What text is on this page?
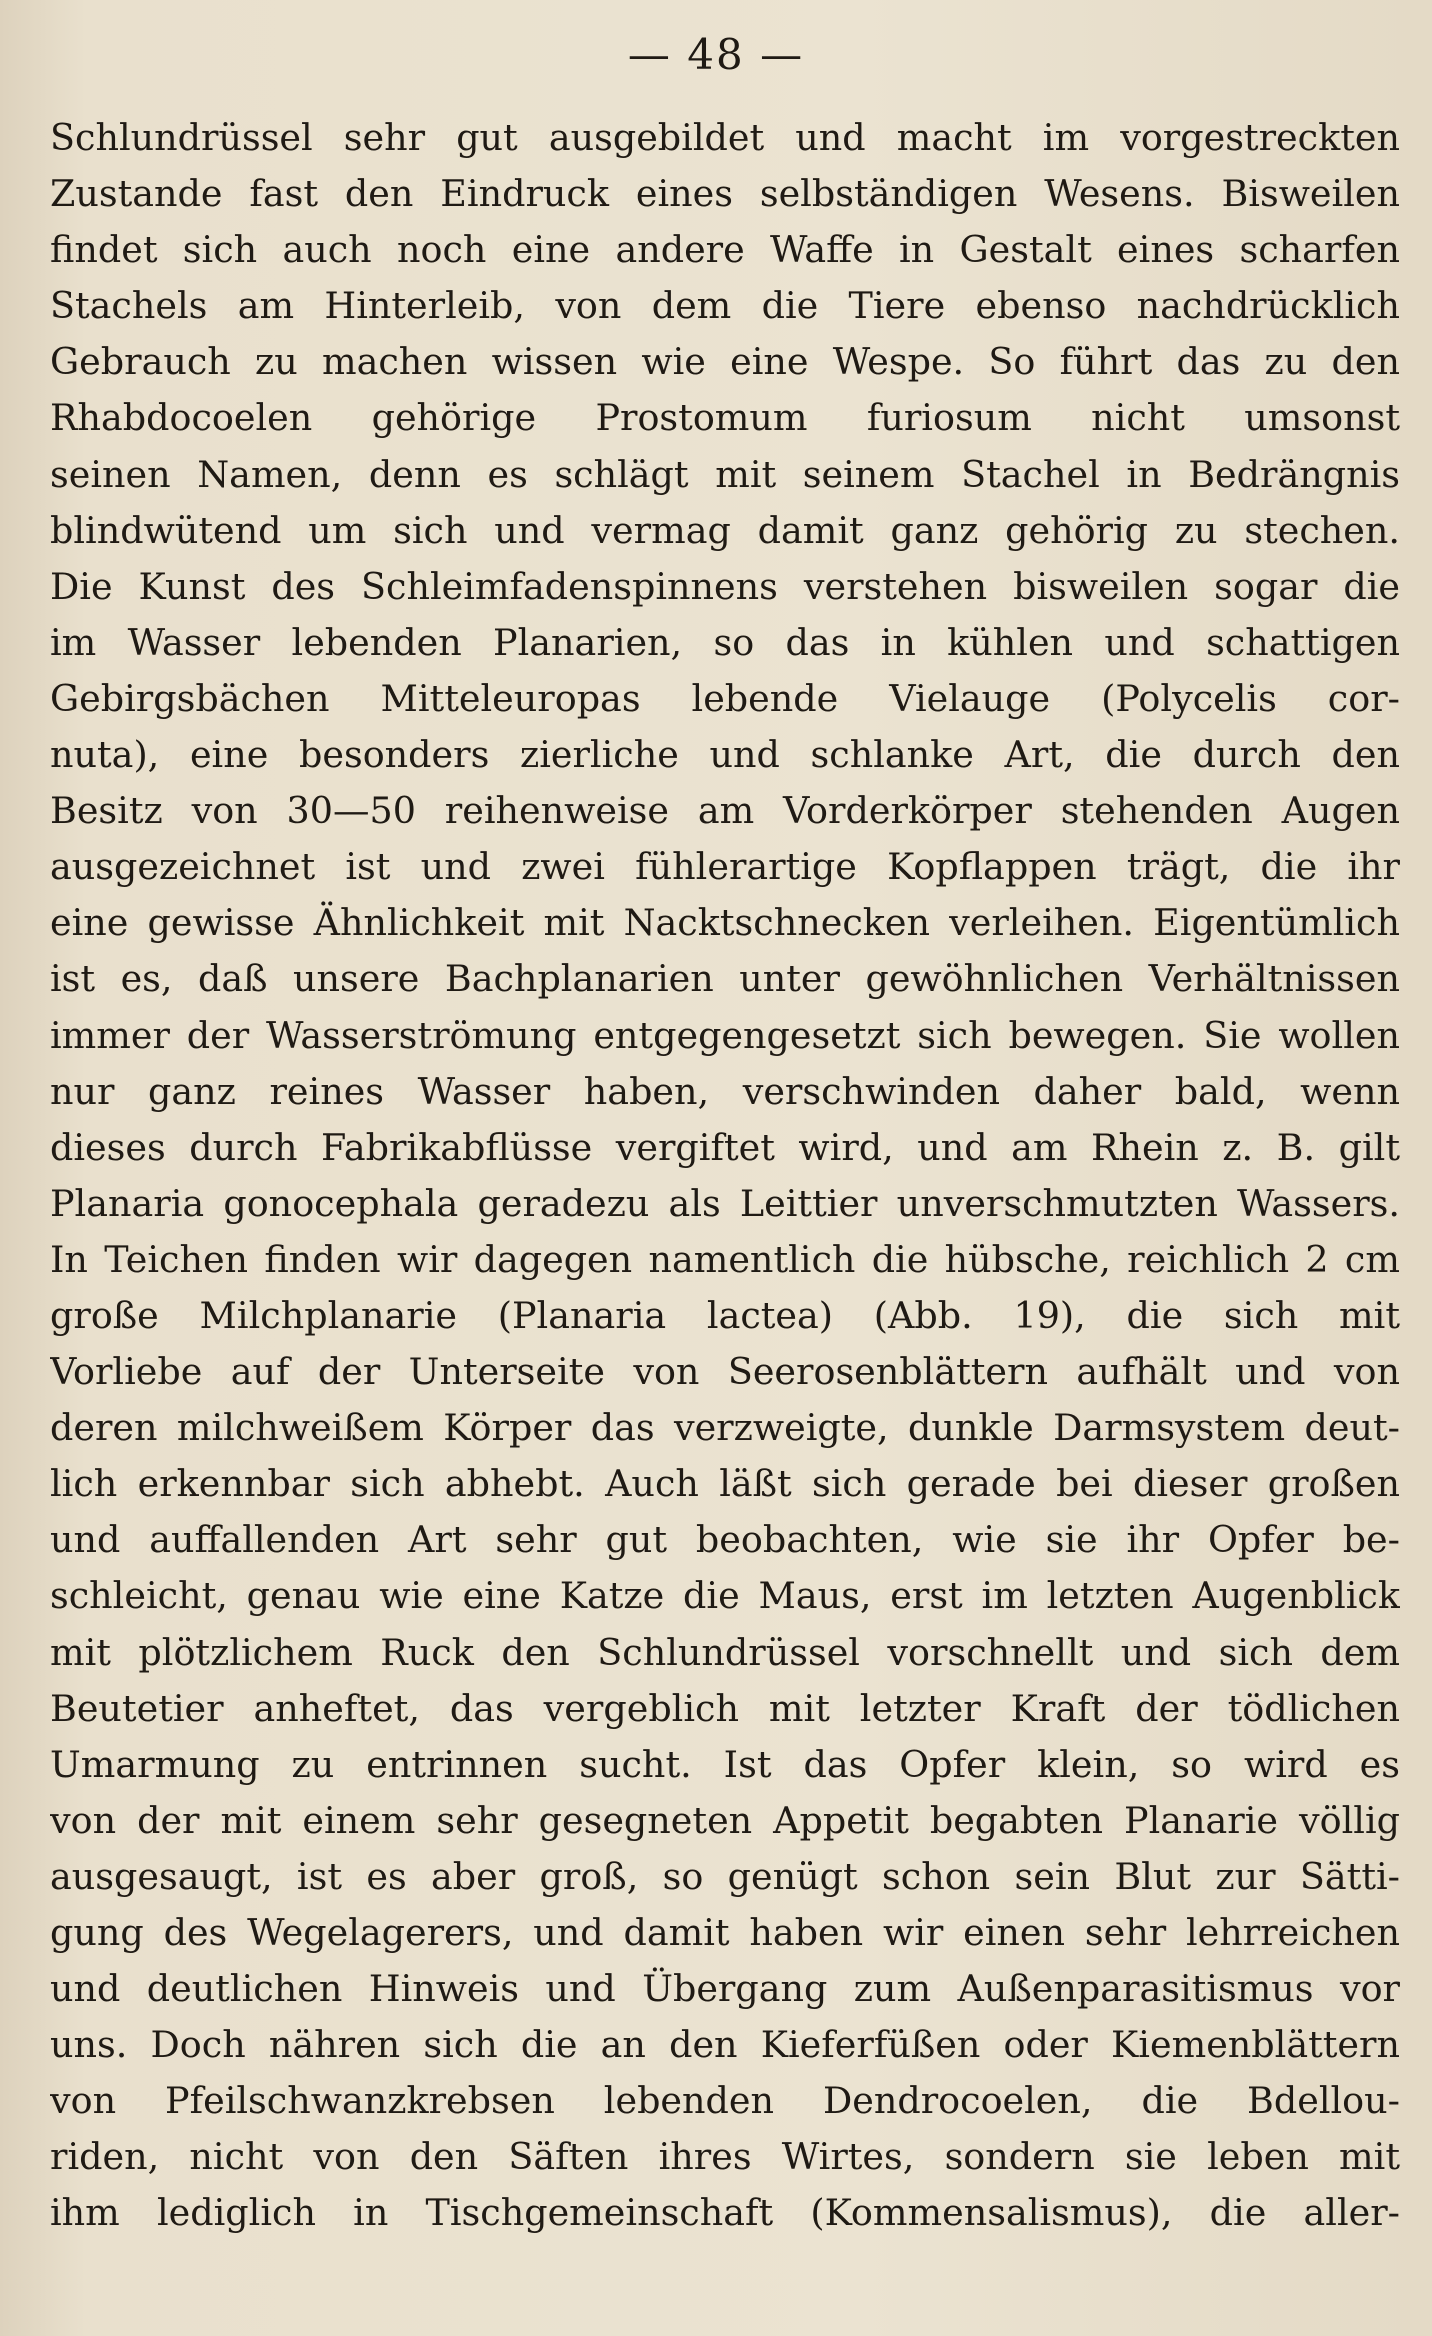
— 48 —
Schlundrüssel sehr gut ausgebildet und macht im vorgestreckten
Zustande fast den Eindruck eines selbständigen Wesens. Bisweilen
findet sich auch noch eine andere Waffe in Gestalt eines scharfen
Stachels am Hinterleib, von dem die Tiere ebenso nachdrücklich
Gebrauch zu machen wissen wie eine Wespe. So führt das zu den
Rhabdocoelen gehörige Prostomum furiosum nicht umsonst
seinen Namen, denn es schlägt mit seinem Stachel in Bedrängnis
blindwütend um sich und vermag damit ganz gehörig zu stechen.
Die Kunst des Schleimfadenspinnens verstehen bisweilen sogar die
im Wasser lebenden Planarien, so das in kühlen und schattigen
Gebirgsbächen Mitteleuropas lebende Vielauge (Polycelis cor-
nuta), eine besonders zierliche und schlanke Art, die durch den
Besitz von 30—50 reihenweise am Vorderkörper stehenden Augen
ausgezeichnet ist und zwei fühlerartige Kopflappen trägt, die ihr
eine gewisse Ähnlichkeit mit Nacktschnecken verleihen. Eigentümlich
ist es, daß unsere Bachplanarien unter gewöhnlichen Verhältnissen
immer der Wasserströmung entgegengesetzt sich bewegen. Sie wollen
nur ganz reines Wasser haben, verschwinden daher bald, wenn
dieses durch Fabrikabflüsse vergiftet wird, und am Rhein z. B. gilt
Planaria gonocephala geradezu als Leittier unverschmutzten Wassers.
In Teichen finden wir dagegen namentlich die hübsche, reichlich 2 cm
große Milchplanarie (Planaria lactea) (Abb. 19), die sich mit
Vorliebe auf der Unterseite von Seerosenblättern aufhält und von
deren milchweißem Körper das verzweigte, dunkle Darmsystem deut-
lich erkennbar sich abhebt. Auch läßt sich gerade bei dieser großen
und auffallenden Art sehr gut beobachten, wie sie ihr Opfer be-
schleicht, genau wie eine Katze die Maus, erst im letzten Augenblick
mit plötzlichem Ruck den Schlundrüssel vorschnellt und sich dem
Beutetier anheftet, das vergeblich mit letzter Kraft der tödlichen
Umarmung zu entrinnen sucht. Ist das Opfer klein, so wird es
von der mit einem sehr gesegneten Appetit begabten Planarie völlig
ausgesaugt, ist es aber groß, so genügt schon sein Blut zur Sätti-
gung des Wegelagerers, und damit haben wir einen sehr lehrreichen
und deutlichen Hinweis und Übergang zum Außenparasitismus vor
uns. Doch nähren sich die an den Kieferfüßen oder Kiemenblättern
von Pfeilschwanzkrebsen lebenden Dendrocoelen, die Bdellou-
riden, nicht von den Säften ihres Wirtes, sondern sie leben mit
ihm lediglich in Tischgemeinschaft (Kommensalismus), die aller-
